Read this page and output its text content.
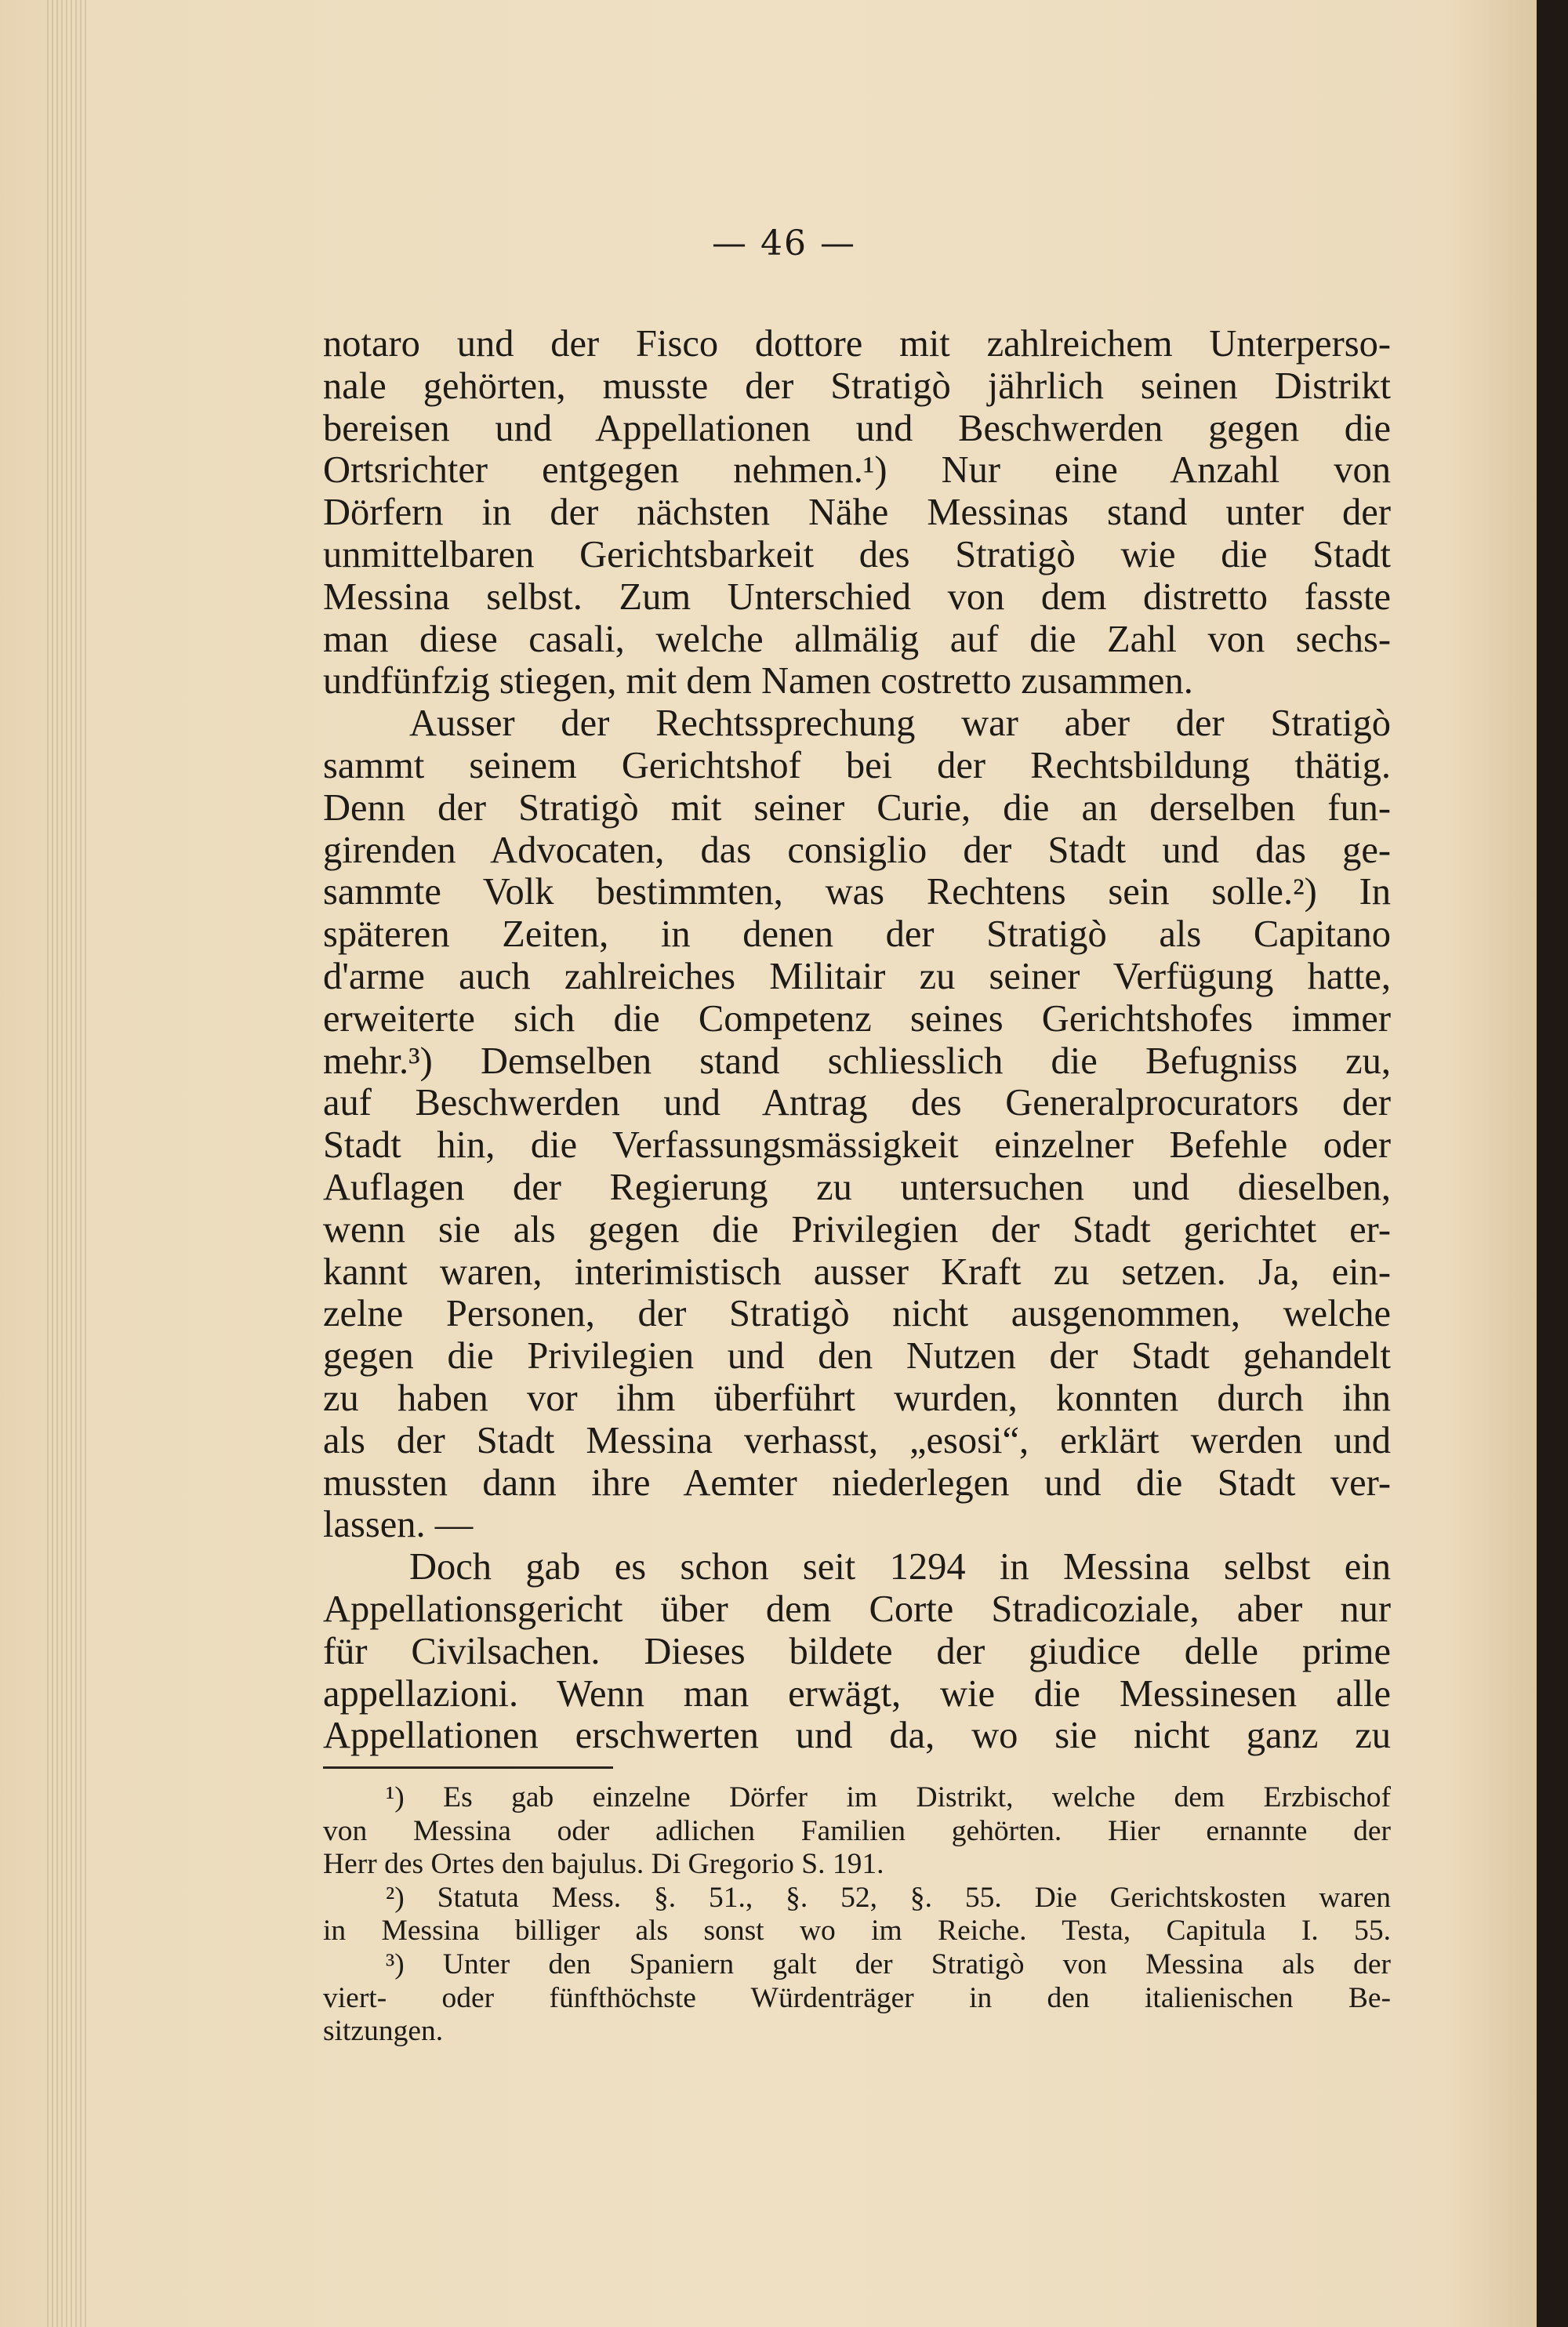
— 46 —
notaro und der Fisco dottore mit zahlreichem Unterperso-
nale gehörten, musste der Stratigò jährlich seinen Distrikt
bereisen und Appellationen und Beschwerden gegen die
Ortsrichter entgegen nehmen.¹) Nur eine Anzahl von
Dörfern in der nächsten Nähe Messinas stand unter der
unmittelbaren Gerichtsbarkeit des Stratigò wie die Stadt
Messina selbst. Zum Unterschied von dem distretto fasste
man diese casali, welche allmälig auf die Zahl von sechs-
undfünfzig stiegen, mit dem Namen costretto zusammen.
Ausser der Rechtssprechung war aber der Stratigò
sammt seinem Gerichtshof bei der Rechtsbildung thätig.
Denn der Stratigò mit seiner Curie, die an derselben fun-
girenden Advocaten, das consiglio der Stadt und das ge-
sammte Volk bestimmten, was Rechtens sein solle.²) In
späteren Zeiten, in denen der Stratigò als Capitano
d'arme auch zahlreiches Militair zu seiner Verfügung hatte,
erweiterte sich die Competenz seines Gerichtshofes immer
mehr.³) Demselben stand schliesslich die Befugniss zu,
auf Beschwerden und Antrag des Generalprocurators der
Stadt hin, die Verfassungsmässigkeit einzelner Befehle oder
Auflagen der Regierung zu untersuchen und dieselben,
wenn sie als gegen die Privilegien der Stadt gerichtet er-
kannt waren, interimistisch ausser Kraft zu setzen. Ja, ein-
zelne Personen, der Stratigò nicht ausgenommen, welche
gegen die Privilegien und den Nutzen der Stadt gehandelt
zu haben vor ihm überführt wurden, konnten durch ihn
als der Stadt Messina verhasst, „esosi“, erklärt werden und
mussten dann ihre Aemter niederlegen und die Stadt ver-
lassen. —
Doch gab es schon seit 1294 in Messina selbst ein
Appellationsgericht über dem Corte Stradicoziale, aber nur
für Civilsachen. Dieses bildete der giudice delle prime
appellazioni. Wenn man erwägt, wie die Messinesen alle
Appellationen erschwerten und da, wo sie nicht ganz zu
¹) Es gab einzelne Dörfer im Distrikt, welche dem Erzbischof
von Messina oder adlichen Familien gehörten. Hier ernannte der
Herr des Ortes den bajulus. Di Gregorio S. 191.
²) Statuta Mess. §. 51., §. 52, §. 55. Die Gerichtskosten waren
in Messina billiger als sonst wo im Reiche. Testa, Capitula I. 55.
³) Unter den Spaniern galt der Stratigò von Messina als der
viert- oder fünfthöchste Würdenträger in den italienischen Be-
sitzungen.
